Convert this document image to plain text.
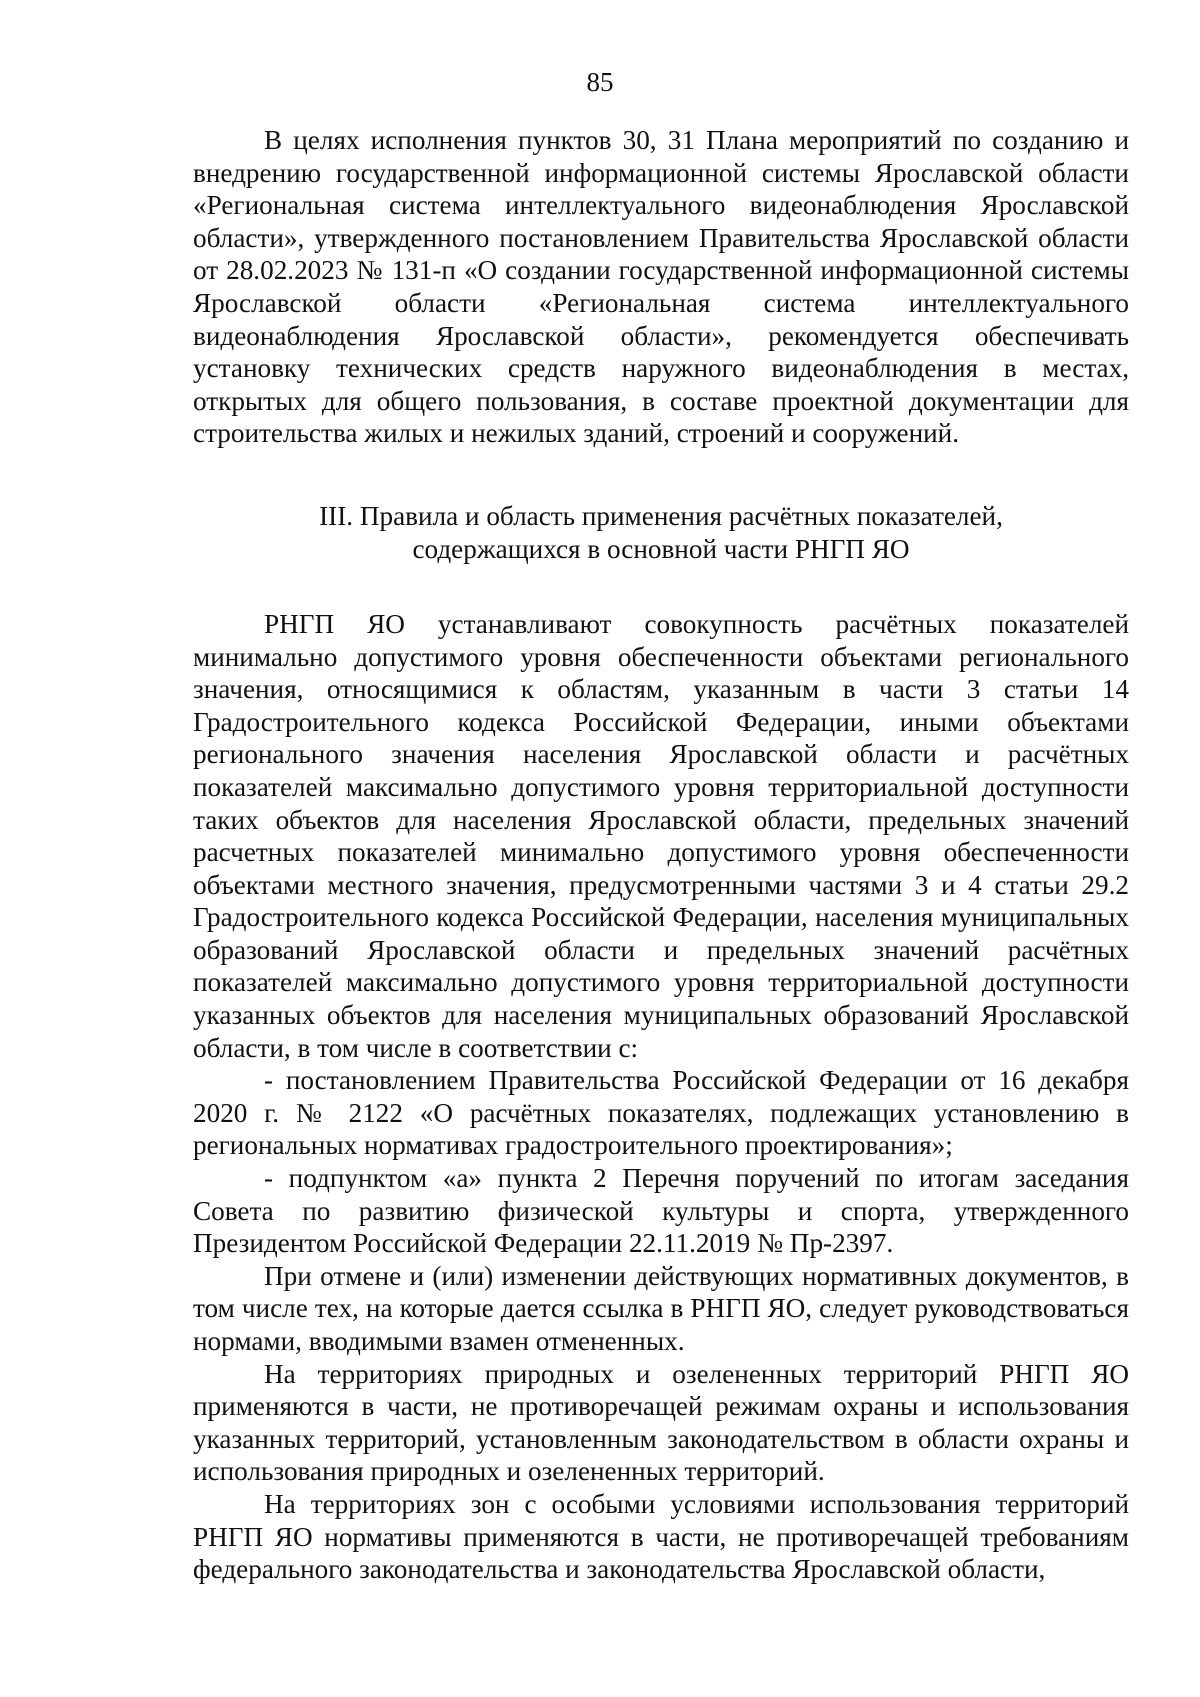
85

В целях исполнения пунктов 30, 31 Плана мероприятий по созданию и внедрению государственной информационной системы Ярославской области «Региональная система интеллектуального видеонаблюдения Ярославской области», утвержденного постановлением Правительства Ярославской области от 28.02.2023 № 131-п «О создании государственной информационной системы Ярославской области «Региональная система интеллектуального видеонаблюдения Ярославской области», рекомендуется обеспечивать установку технических средств наружного видеонаблюдения в местах, открытых для общего пользования, в составе проектной документации для строительства жилых и нежилых зданий, строений и сооружений.

III. Правила и область применения расчётных показателей,
содержащихся в основной части РНГП ЯО

РНГП ЯО устанавливают совокупность расчётных показателей минимально допустимого уровня обеспеченности объектами регионального значения, относящимися к областям, указанным в части 3 статьи 14 Градостроительного кодекса Российской Федерации, иными объектами регионального значения населения Ярославской области и расчётных показателей максимально допустимого уровня территориальной доступности таких объектов для населения Ярославской области, предельных значений расчетных показателей минимально допустимого уровня обеспеченности объектами местного значения, предусмотренными частями 3 и 4 статьи 29.2 Градостроительного кодекса Российской Федерации, населения муниципальных образований Ярославской области и предельных значений расчётных показателей максимально допустимого уровня территориальной доступности указанных объектов для населения муниципальных образований Ярославской области, в том числе в соответствии с:

- постановлением Правительства Российской Федерации от 16 декабря 2020 г. № 2122 «О расчётных показателях, подлежащих установлению в региональных нормативах градостроительного проектирования»;

- подпунктом «а» пункта 2 Перечня поручений по итогам заседания Совета по развитию физической культуры и спорта, утвержденного Президентом Российской Федерации 22.11.2019 № Пр-2397.

При отмене и (или) изменении действующих нормативных документов, в том числе тех, на которые дается ссылка в РНГП ЯО, следует руководствоваться нормами, вводимыми взамен отмененных.

На территориях природных и озелененных территорий РНГП ЯО применяются в части, не противоречащей режимам охраны и использования указанных территорий, установленным законодательством в области охраны и использования природных и озелененных территорий.

На территориях зон с особыми условиями использования территорий РНГП ЯО нормативы применяются в части, не противоречащей требованиям федерального законодательства и законодательства Ярославской области,
